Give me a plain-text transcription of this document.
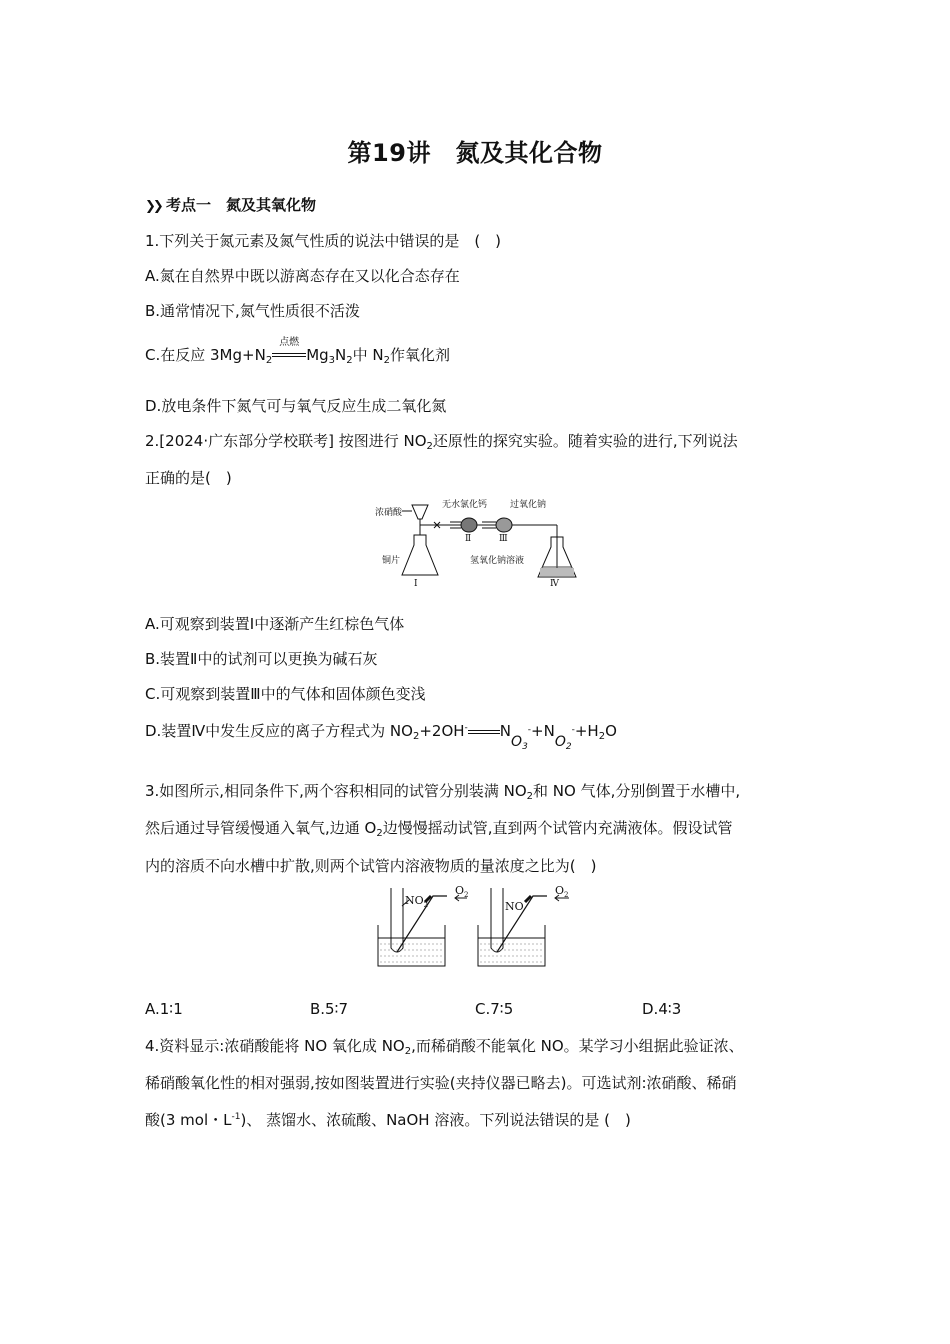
第19讲　氮及其化合物
❯❯ 考点一　氮及其氧化物
1.下列关于氮元素及氮气性质的说法中错误的是　(　)
A.氮在自然界中既以游离态存在又以化合态存在
B.通常情况下,氮气性质很不活泼
C.在反应 $3Mg+N_2$
点燃
$Mg_3N_2$中 $N_2$作氧化剂
D.放电条件下氮气可与氧气反应生成二氧化氮
2.[2024·广东部分学校联考] 按图进行 $NO_2$还原性的探究实验。随着实验的进行,下列说法
正确的是(　)
浓硝酸
无水氯化钙	过氧化钠
铜片	氢氧化钠溶液
Ⅰ
Ⅱ	Ⅲ
Ⅳ
A.可观察到装置Ⅰ中逐渐产生红棕色气体
B.装置Ⅱ中的试剂可以更换为碱石灰
C.可观察到装置Ⅲ中的气体和固体颜色变浅
D.装置Ⅳ中发生反应的离子方程式为 $NO_2+2OH^-$ $NO_3^-+NO_2^-+H_2O$
3.如图所示,相同条件下,两个容积相同的试管分别装满 $NO_2$和 NO 气体,分别倒置于水槽中,
然后通过导管缓慢通入氧气,边通 $O_2$边慢慢摇动试管,直到两个试管内充满液体。假设试管
内的溶质不向水槽中扩散,则两个试管内溶液物质的量浓度之比为(　)
$NO_2$
$O_2$
NO
$O_2$
A.1∶1	B.5∶7	C.7∶5	D.4∶3
4.资料显示:浓硝酸能将 NO 氧化成 $NO_2$,而稀硝酸不能氧化 NO。某学习小组据此验证浓、
稀硝酸氧化性的相对强弱,按如图装置进行实验(夹持仪器已略去)。可选试剂:浓硝酸、稀硝
酸(3 mol・$L^{-1}$)、 蒸馏水、浓硫酸、NaOH 溶液。下列说法错误的是 (　)
